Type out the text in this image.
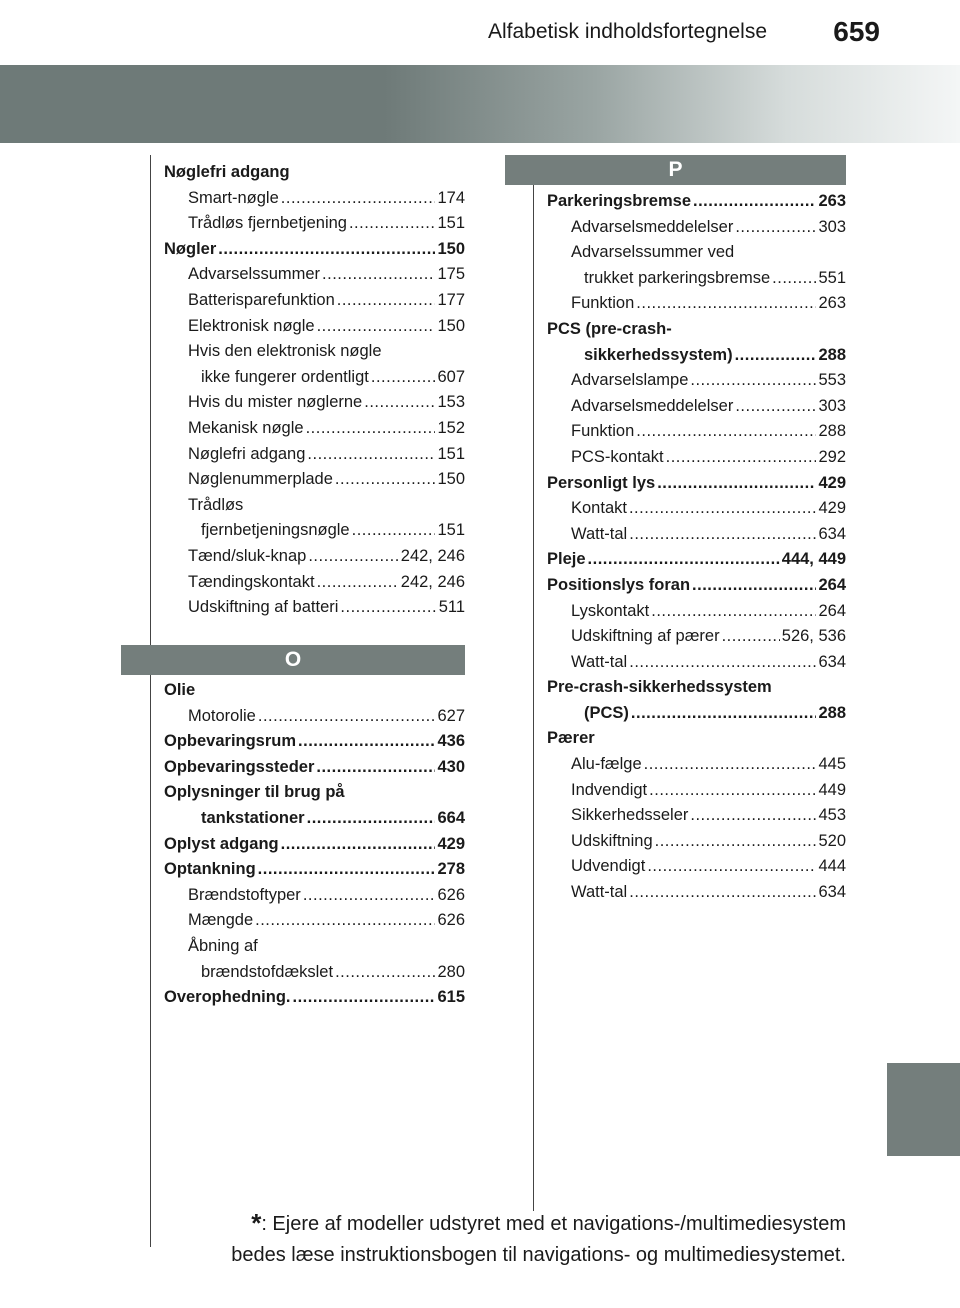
Alfabetisk indholdsfortegnelse 659
O
P
Nøglefri adgang
Smart-nøgle .....	174
Trådløs fjernbetjening .....	151
Nøgler .....	150
Advarselssummer .....	175
Batterisparefunktion .....	177
Elektronisk nøgle .....	150
Hvis den elektronisk nøgle
ikke fungerer ordentligt .....	607
Hvis du mister nøglerne .....	153
Mekanisk nøgle .....	152
Nøglefri adgang .....	151
Nøglenummerplade .....	150
Trådløs
fjernbetjeningsnøgle .....	151
Tænd/sluk-knap .....	242, 246
Tændingskontakt .....	242, 246
Udskiftning af batteri .....	511
Olie
Motorolie .....	627
Opbevaringsrum .....	436
Opbevaringssteder .....	430
Oplysninger til brug på
tankstationer .....	664
Oplyst adgang .....	429
Optankning .....	278
Brændstoftyper .....	626
Mængde .....	626
Åbning af
brændstofdækslet .....	280
Overophedning. .....	615
Parkeringsbremse .....	263
Advarselsmeddelelser .....	303
Advarselssummer ved
trukket parkeringsbremse .....	551
Funktion .....	263
PCS (pre-crash-
sikkerhedssystem) .....	288
Advarselslampe .....	553
Advarselsmeddelelser .....	303
Funktion .....	288
PCS-kontakt .....	292
Personligt lys .....	429
Kontakt .....	429
Watt-tal .....	634
Pleje .....	444, 449
Positionslys foran .....	264
Lyskontakt .....	264
Udskiftning af pærer .....	526, 536
Watt-tal .....	634
Pre-crash-sikkerhedssystem
(PCS) .....	288
Pærer
Alu-fælge .....	445
Indvendigt .....	449
Sikkerhedsseler .....	453
Udskiftning .....	520
Udvendigt .....	444
Watt-tal .....	634
*: Ejere af modeller udstyret med et navigations-/multimediesystem
bedes læse instruktionsbogen til navigations- og multimediesystemet.
